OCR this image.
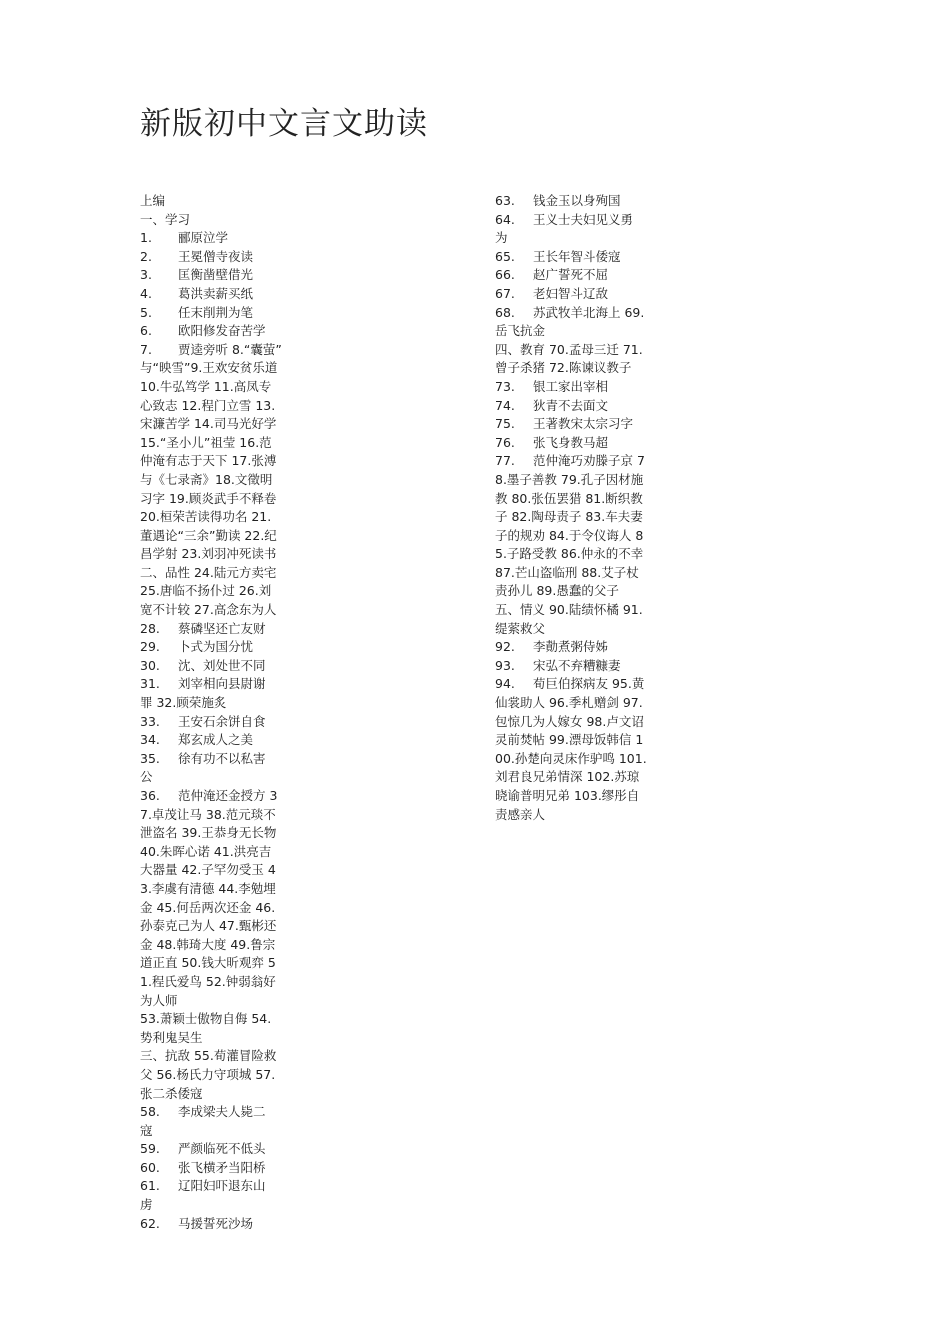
新版初中文言文助读
上编
一、学习
1. 郦原泣学
2. 王冕僧寺夜读
3. 匡衡凿壁借光
4. 葛洪卖薪买纸
5. 任末削荆为笔
6. 欧阳修发奋苦学
7. 贾逵旁听 8.“囊萤”
与“映雪”9.王欢安贫乐道
10.牛弘笃学 11.高凤专
心致志 12.程门立雪 13.
宋濂苦学 14.司马光好学
15.“圣小儿”祖莹 16.范
仲淹有志于天下 17.张溥
与《七录斋》18.文徵明
习字 19.顾炎武手不释卷
20.桓荣苦读得功名 21.
董遇论“三余”勤读 22.纪
昌学射 23.刘羽冲死读书
二、品性 24.陆元方卖宅
25.唐临不扬仆过 26.刘
宽不计较 27.高念东为人
28. 蔡磷坚还亡友财
29. 卜式为国分忧
30. 沈、刘处世不同
31. 刘宰相向县尉谢
罪 32.顾荣施炙
33. 王安石余饼自食
34. 郑玄成人之美
35. 徐有功不以私害
公
36. 范仲淹还金授方 3
7.卓茂让马 38.范元琰不
泄盗名 39.王恭身无长物
40.朱晖心诺 41.洪亮吉
大器量 42.子罕勿受玉 4
3.李虞有清德 44.李勉埋
金 45.何岳两次还金 46.
孙泰克己为人 47.甄彬还
金 48.韩琦大度 49.鲁宗
道正直 50.钱大昕观弈 5
1.程氏爱鸟 52.钟弱翁好
为人师
53.萧颖士傲物自侮 54.
势利鬼吴生
三、抗敌 55.荀灌冒险救
父 56.杨氏力守项城 57.
张二杀倭寇
58. 李成梁夫人毙二
寇
59. 严颜临死不低头
60. 张飞横矛当阳桥
61. 辽阳妇吓退东山
虏
62. 马援誓死沙场
63. 钱金玉以身殉国
64. 王义士夫妇见义勇
为
65. 王长年智斗倭寇
66. 赵广誓死不屈
67. 老妇智斗辽敌
68. 苏武牧羊北海上 69.
岳飞抗金
四、教育 70.孟母三迁 71.
曾子杀猪 72.陈谏议教子
73. 银工家出宰相
74. 狄青不去面文
75. 王著教宋太宗习字
76. 张飞身教马超
77. 范仲淹巧劝滕子京 7
8.墨子善教 79.孔子因材施
教 80.张伍罢猎 81.断织教
子 82.陶母责子 83.车夫妻
子的规劝 84.于令仪诲人 8
5.子路受教 86.仲永的不幸
87.芒山盗临刑 88.艾子杖
责孙儿 89.愚蠢的父子
五、情义 90.陆绩怀橘 91.
缇萦救父
92. 李勣煮粥侍姊
93. 宋弘不弃糟糠妻
94. 荀巨伯探病友 95.黄
仙裳助人 96.季札赠剑 97.
包惊几为人嫁女 98.卢文诏
灵前焚帖 99.漂母饭韩信 1
00.孙楚向灵床作驴鸣 101.
刘君良兄弟情深 102.苏琼
晓谕普明兄弟 103.缪彤自
责感亲人
